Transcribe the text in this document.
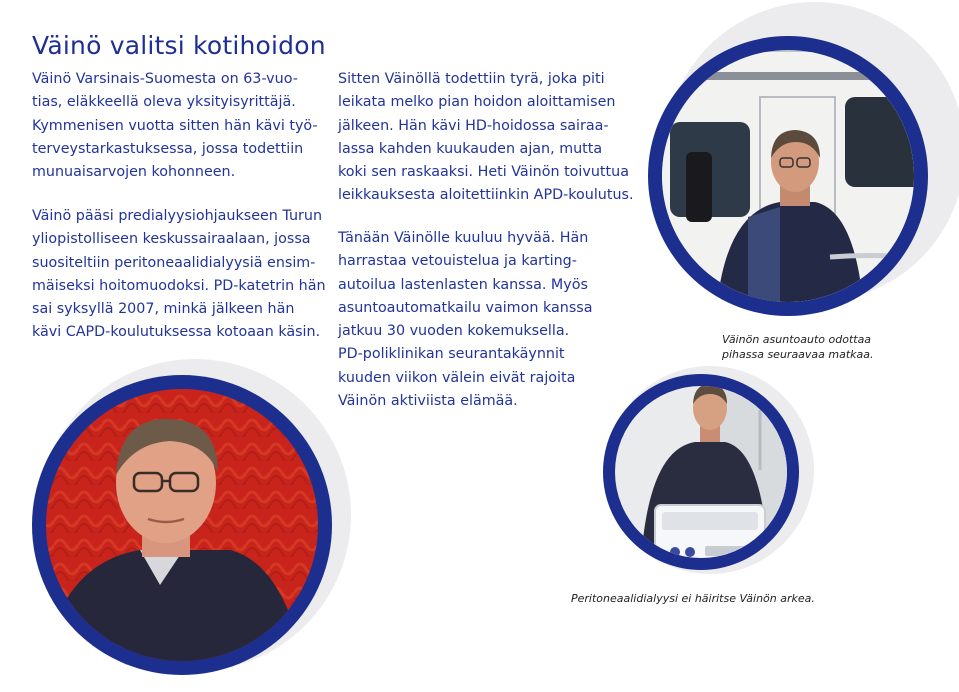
Väinö valitsi kotihoidon
Väinö Varsinais-Suomesta on 63-vuo-
tias, eläkkeellä oleva yksityisyrittäjä.
Kymmenisen vuotta sitten hän kävi työ-
terveystarkastuksessa, jossa todettiin
munuaisarvojen kohonneen.
Väinö pääsi predialyysiohjaukseen Turun
yliopistolliseen keskussairaalaan, jossa
suositeltiin peritoneaalidialyysiä ensim-
mäiseksi hoitomuodoksi. PD-katetrin hän
sai syksyllä 2007, minkä jälkeen hän
kävi CAPD-koulutuksessa kotoaan käsin.
Sitten Väinöllä todettiin tyrä, joka piti
leikata melko pian hoidon aloittamisen
jälkeen. Hän kävi HD-hoidossa sairaa-
lassa kahden kuukauden ajan, mutta
koki sen raskaaksi. Heti Väinön toivuttua
leikkauksesta aloitettiinkin APD-koulutus.
Tänään Väinölle kuuluu hyvää. Hän
harrastaa vetouistelua ja karting-
autoilua lastenlasten kanssa. Myös
asuntoautomatkailu vaimon kanssa
jatkuu 30 vuoden kokemuksella.
PD-poliklinikan seurantakäynnit
kuuden viikon välein eivät rajoita
Väinön aktiviista elämää.
Väinön asuntoauto odottaa
pihassa seuraavaa matkaa.
Peritoneaalidialyysi ei häiritse Väinön arkea.
